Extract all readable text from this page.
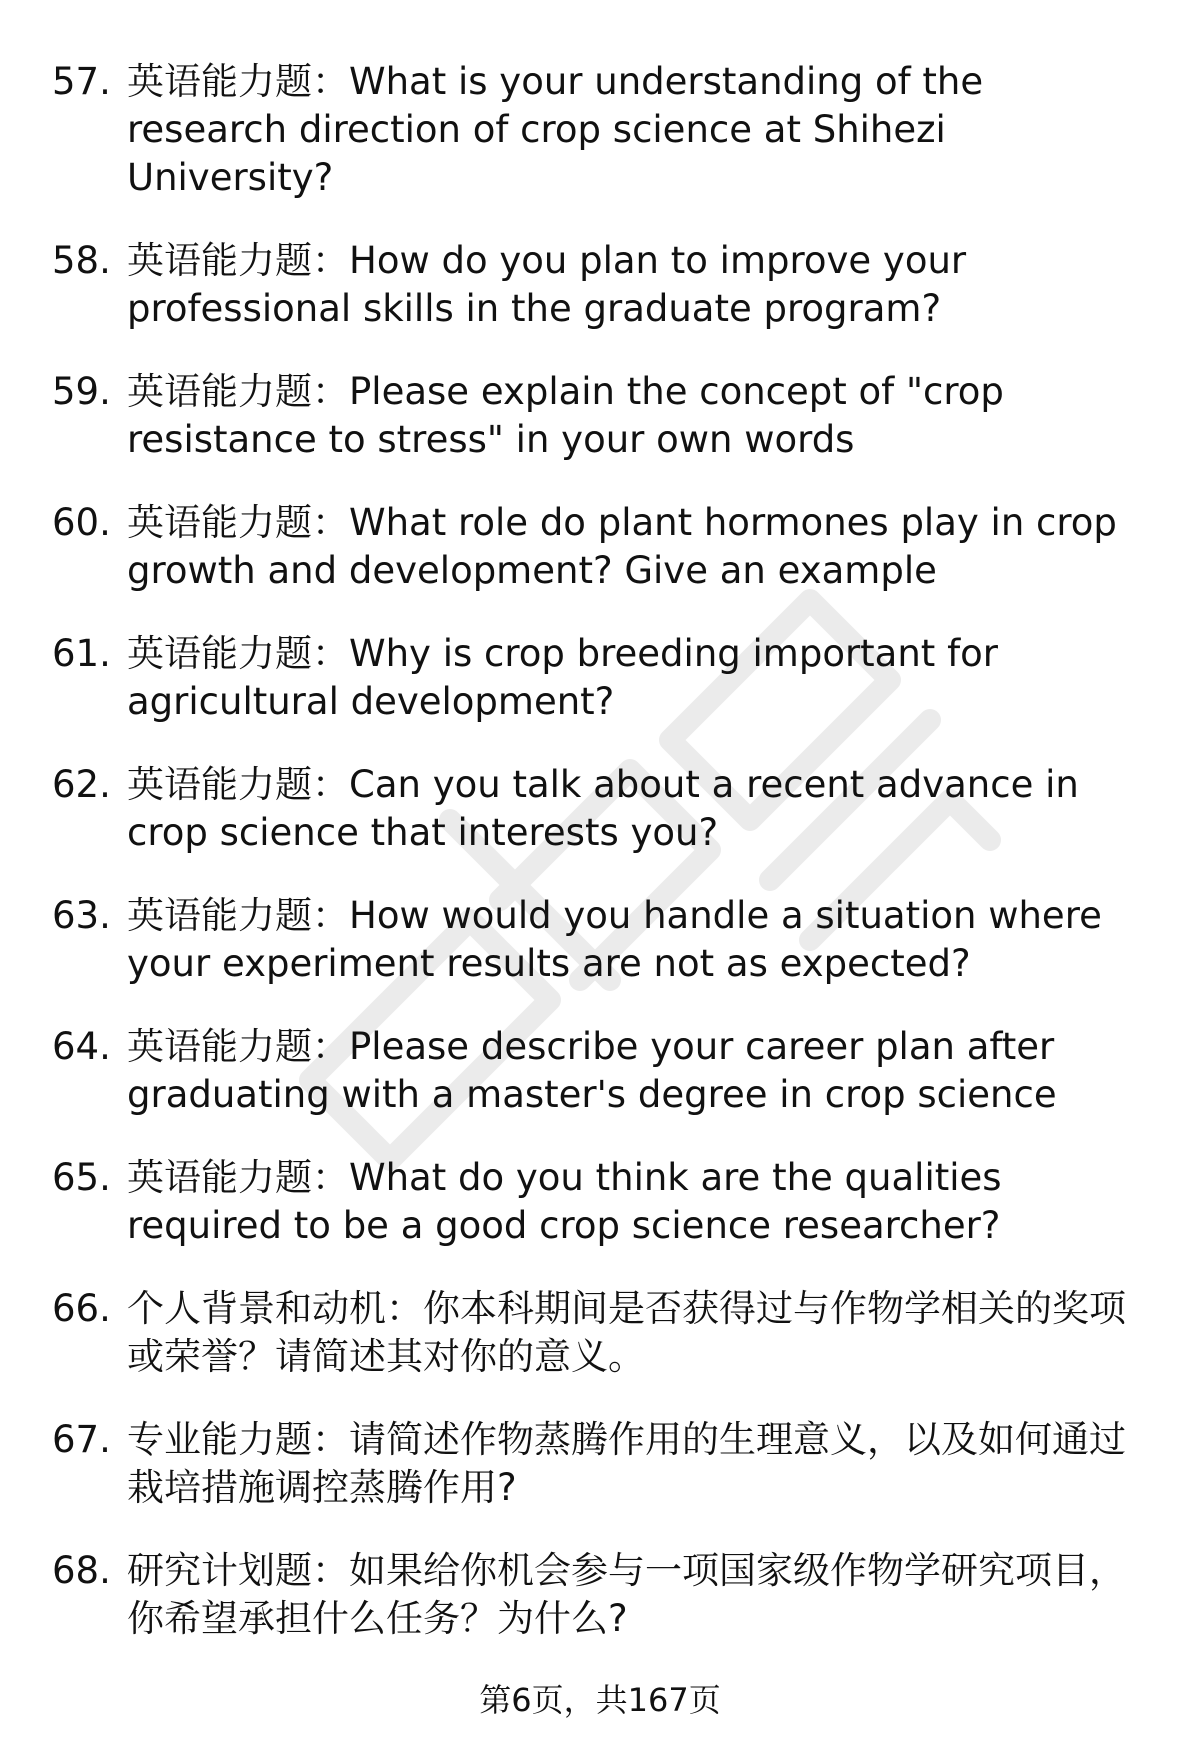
57. 英语能力题：What is your understanding of the research direction of crop science at Shihezi University?
58. 英语能力题：How do you plan to improve your professional skills in the graduate program?
59. 英语能力题：Please explain the concept of "crop resistance to stress" in your own words
60. 英语能力题：What role do plant hormones play in crop growth and development? Give an example
61. 英语能力题：Why is crop breeding important for agricultural development?
62. 英语能力题：Can you talk about a recent advance in crop science that interests you?
63. 英语能力题：How would you handle a situation where your experiment results are not as expected?
64. 英语能力题：Please describe your career plan after graduating with a master's degree in crop science
65. 英语能力题：What do you think are the qualities required to be a good crop science researcher?
66. 个人背景和动机：你本科期间是否获得过与作物学相关的奖项或荣誉？请简述其对你的意义。
67. 专业能力题：请简述作物蒸腾作用的生理意义，以及如何通过栽培措施调控蒸腾作用?
68. 研究计划题：如果给你机会参与一项国家级作物学研究项目，你希望承担什么任务？为什么?
第6页，共167页
